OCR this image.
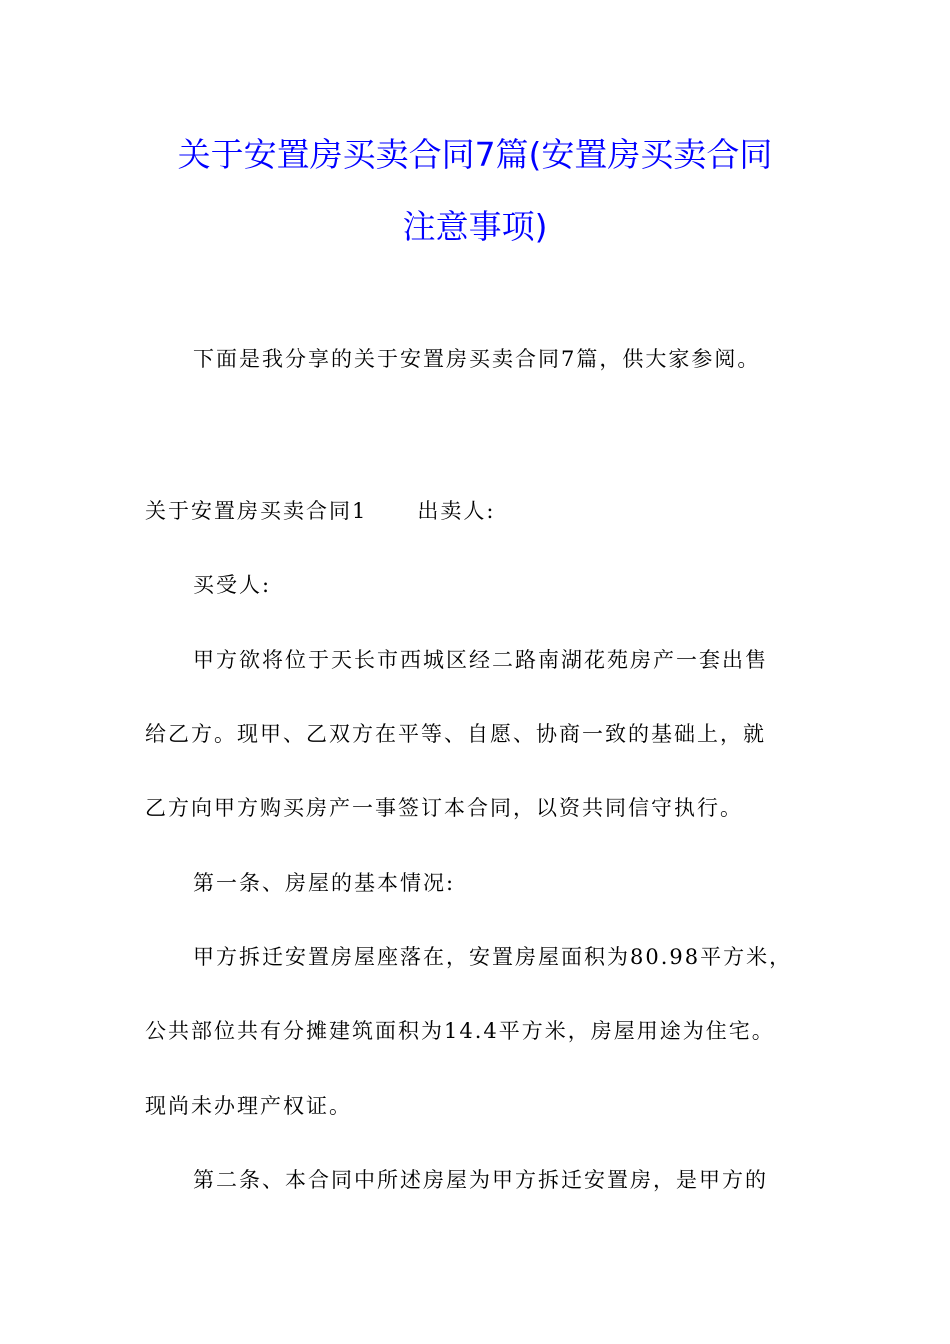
关于安置房买卖合同7篇(安置房买卖合同
注意事项)
下面是我分享的关于安置房买卖合同7篇，供大家参阅。
关于安置房买卖合同1 出卖人:
买受人:
甲方欲将位于天长市西城区经二路南湖花苑房产一套出售
给乙方。现甲、乙双方在平等、自愿、协商一致的基础上，就
乙方向甲方购买房产一事签订本合同，以资共同信守执行。
第一条、房屋的基本情况:
甲方拆迁安置房屋座落在，安置房屋面积为80.98平方米，
公共部位共有分摊建筑面积为14.4平方米，房屋用途为住宅。
现尚未办理产权证。
第二条、本合同中所述房屋为甲方拆迁安置房，是甲方的
